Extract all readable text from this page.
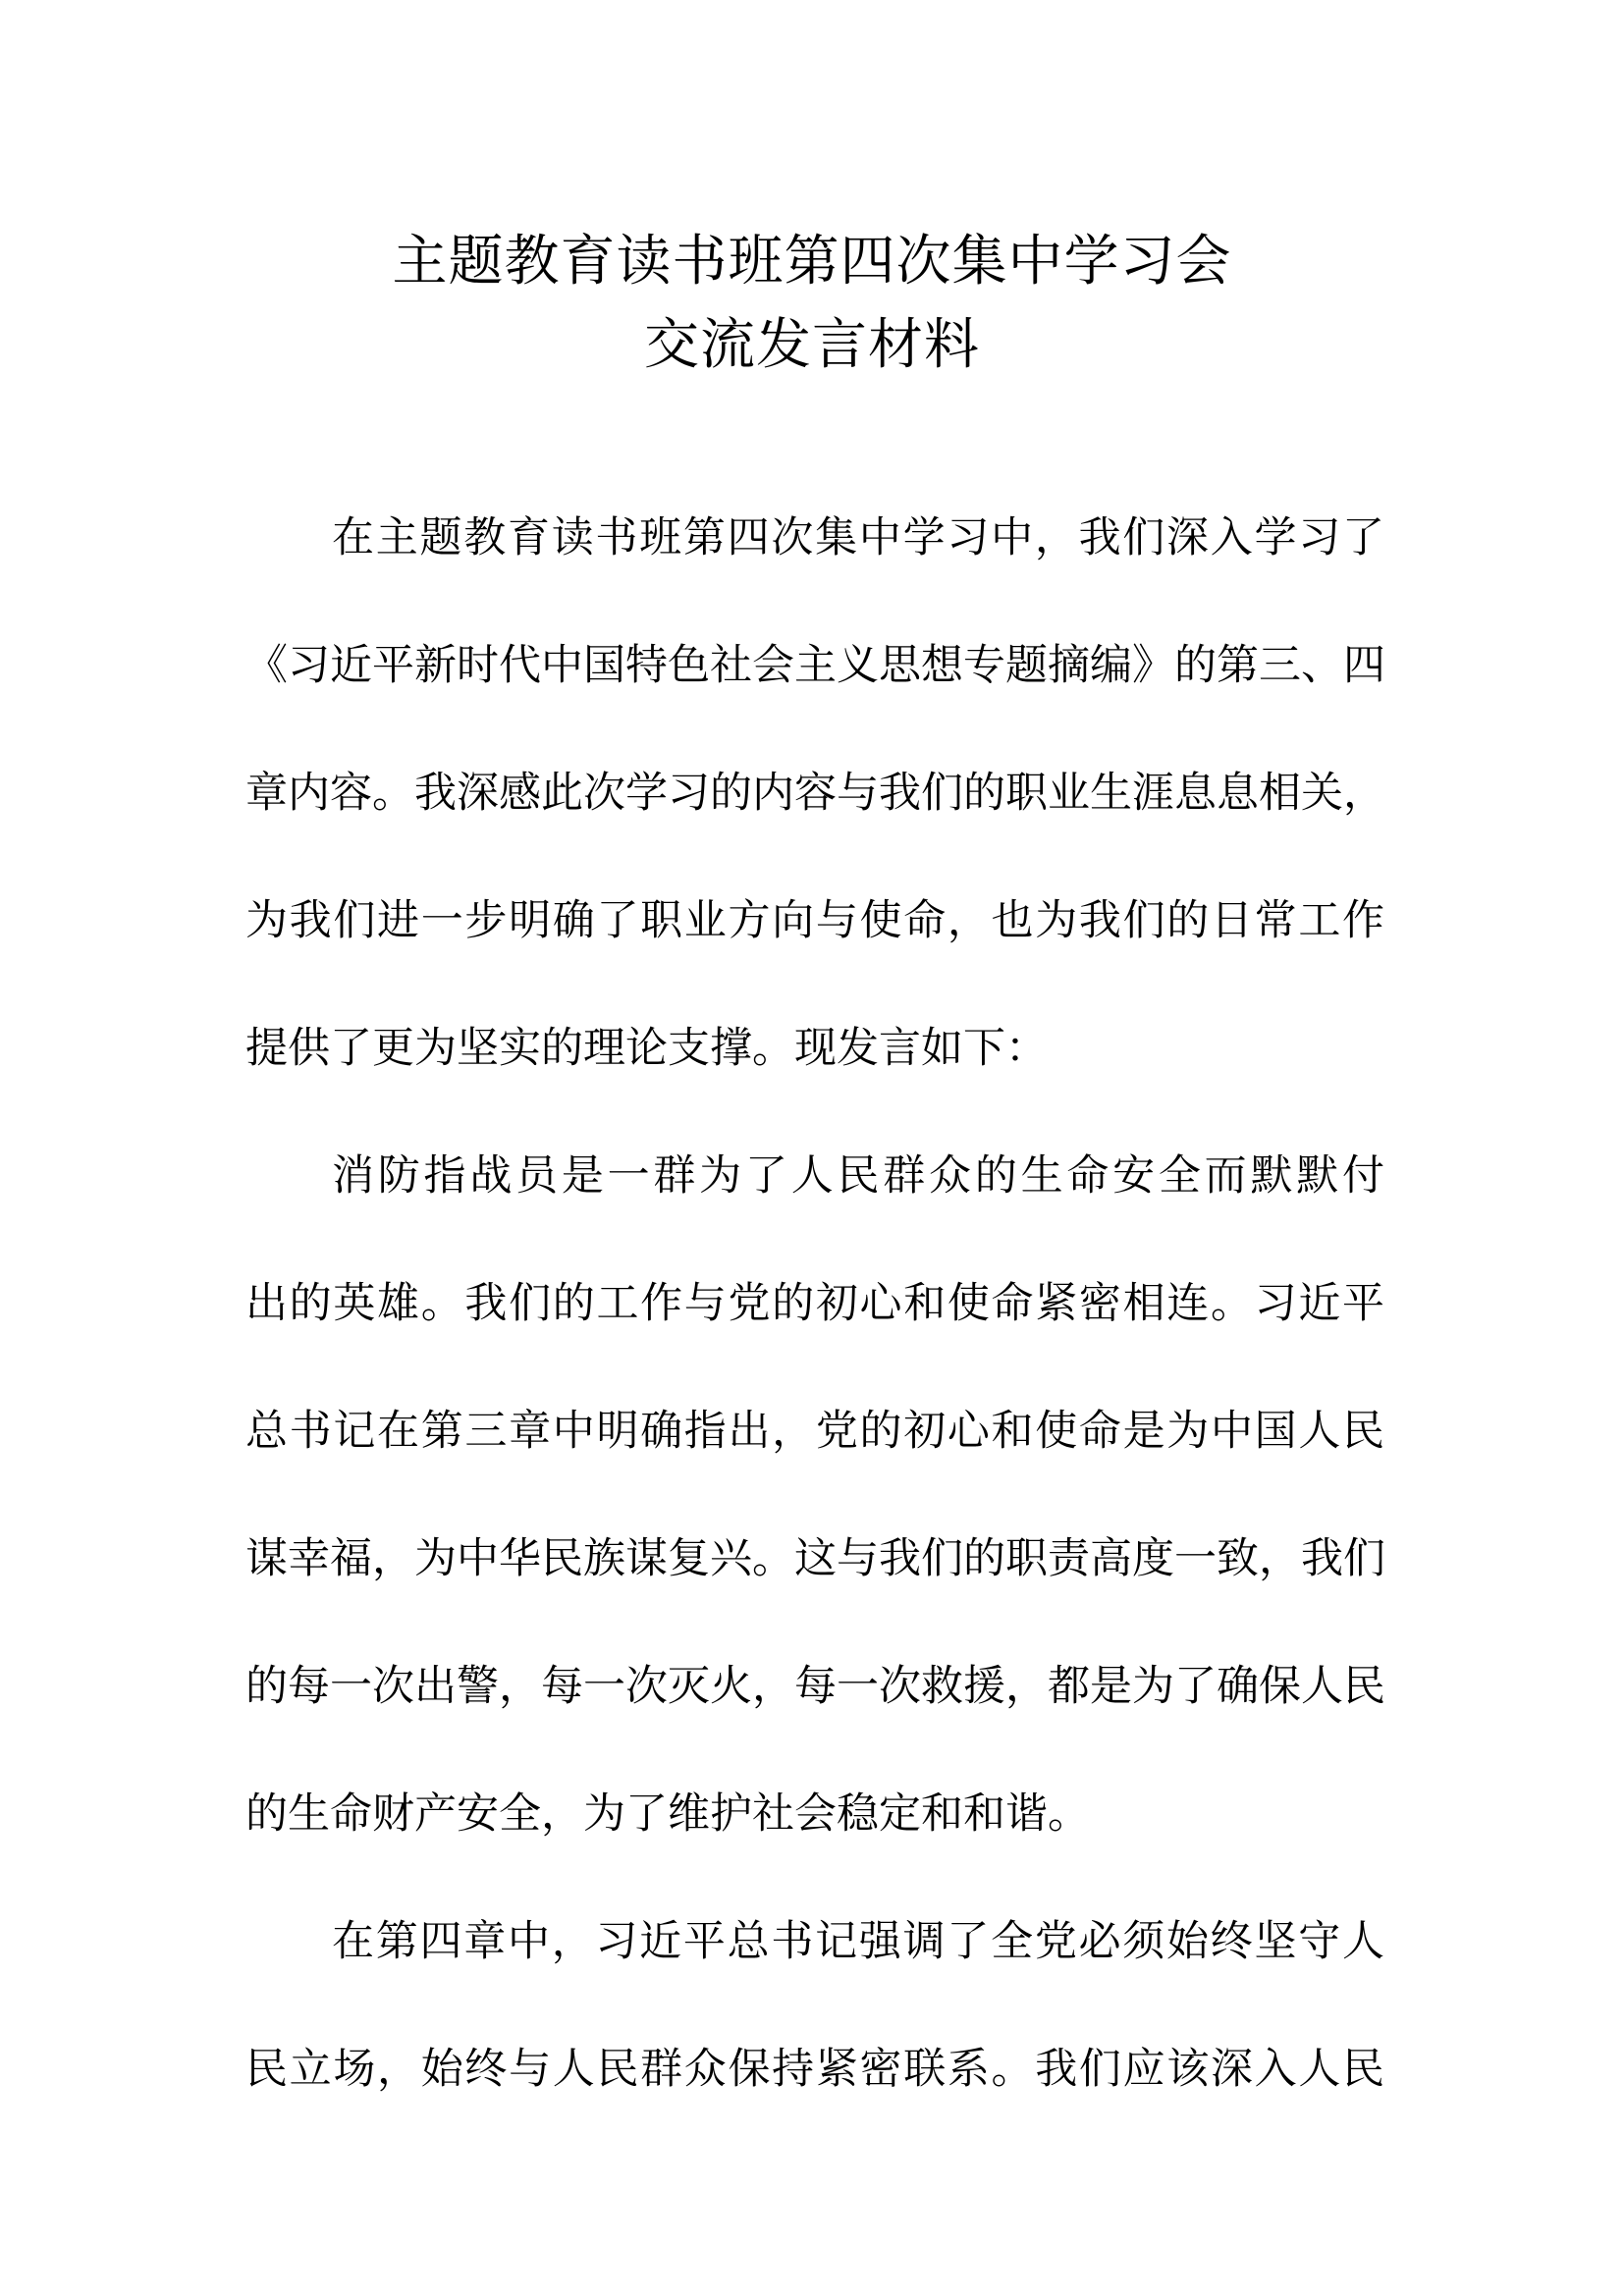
主题教育读书班第四次集中学习会
交流发言材料
在主题教育读书班第四次集中学习中，我们深入学习了
《习近平新时代中国特色社会主义思想专题摘编》的第三、四
章内容。我深感此次学习的内容与我们的职业生涯息息相关，
为我们进一步明确了职业方向与使命，也为我们的日常工作
提供了更为坚实的理论支撑。现发言如下：
消防指战员是一群为了人民群众的生命安全而默默付
出的英雄。我们的工作与党的初心和使命紧密相连。习近平
总书记在第三章中明确指出，党的初心和使命是为中国人民
谋幸福，为中华民族谋复兴。这与我们的职责高度一致，我们
的每一次出警，每一次灭火，每一次救援，都是为了确保人民
的生命财产安全，为了维护社会稳定和和谐。
在第四章中，习近平总书记强调了全党必须始终坚守人
民立场，始终与人民群众保持紧密联系。我们应该深入人民
